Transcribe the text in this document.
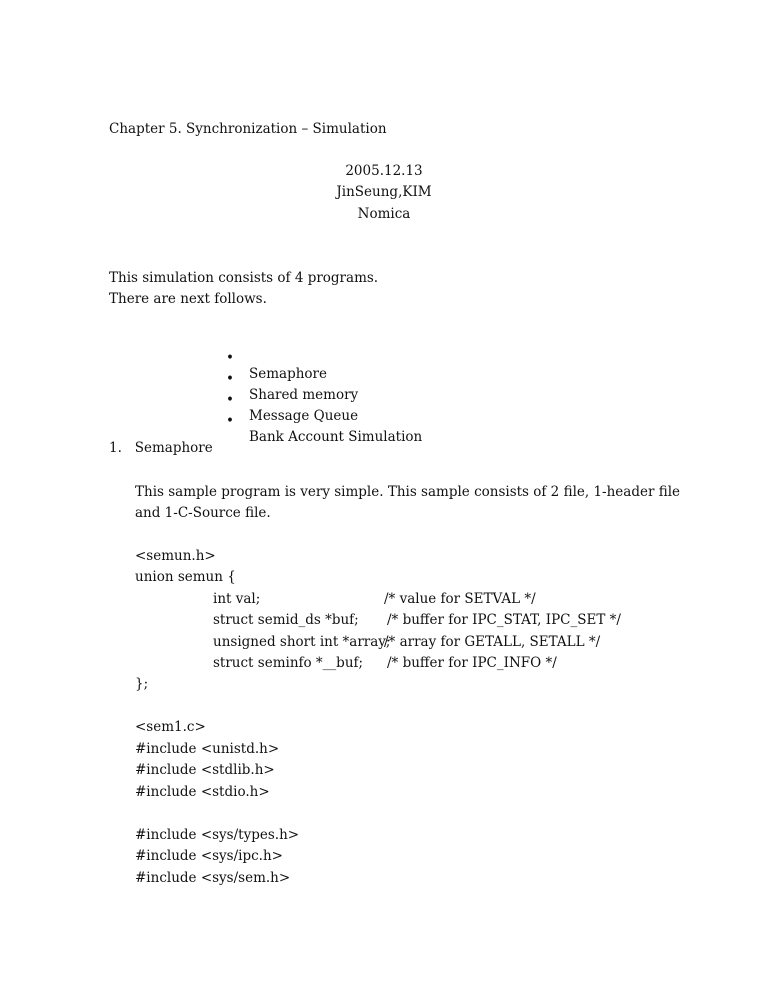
Chapter 5. Synchronization – Simulation
2005.12.13
JinSeung,KIM
Nomica
This simulation consists of 4 programs.
There are next follows.

•

Semaphore

•

Shared memory

•

Message Queue

•

Bank Account Simulation

1.   Semaphore
This sample program is very simple. This sample consists of 2 file, 1-header file
and 1-C-Source file.
<semun.h>
union semun {
int val;	/* value for SETVAL */
struct semid_ds *buf; /* buffer for IPC_STAT, IPC_SET */
unsigned short int *array;
/* array for GETALL, SETALL */
struct seminfo *__buf; /* buffer for IPC_INFO */
};
<sem1.c>
#include <unistd.h>
#include <stdlib.h>
#include <stdio.h>
#include <sys/types.h>
#include <sys/ipc.h>
#include <sys/sem.h>
